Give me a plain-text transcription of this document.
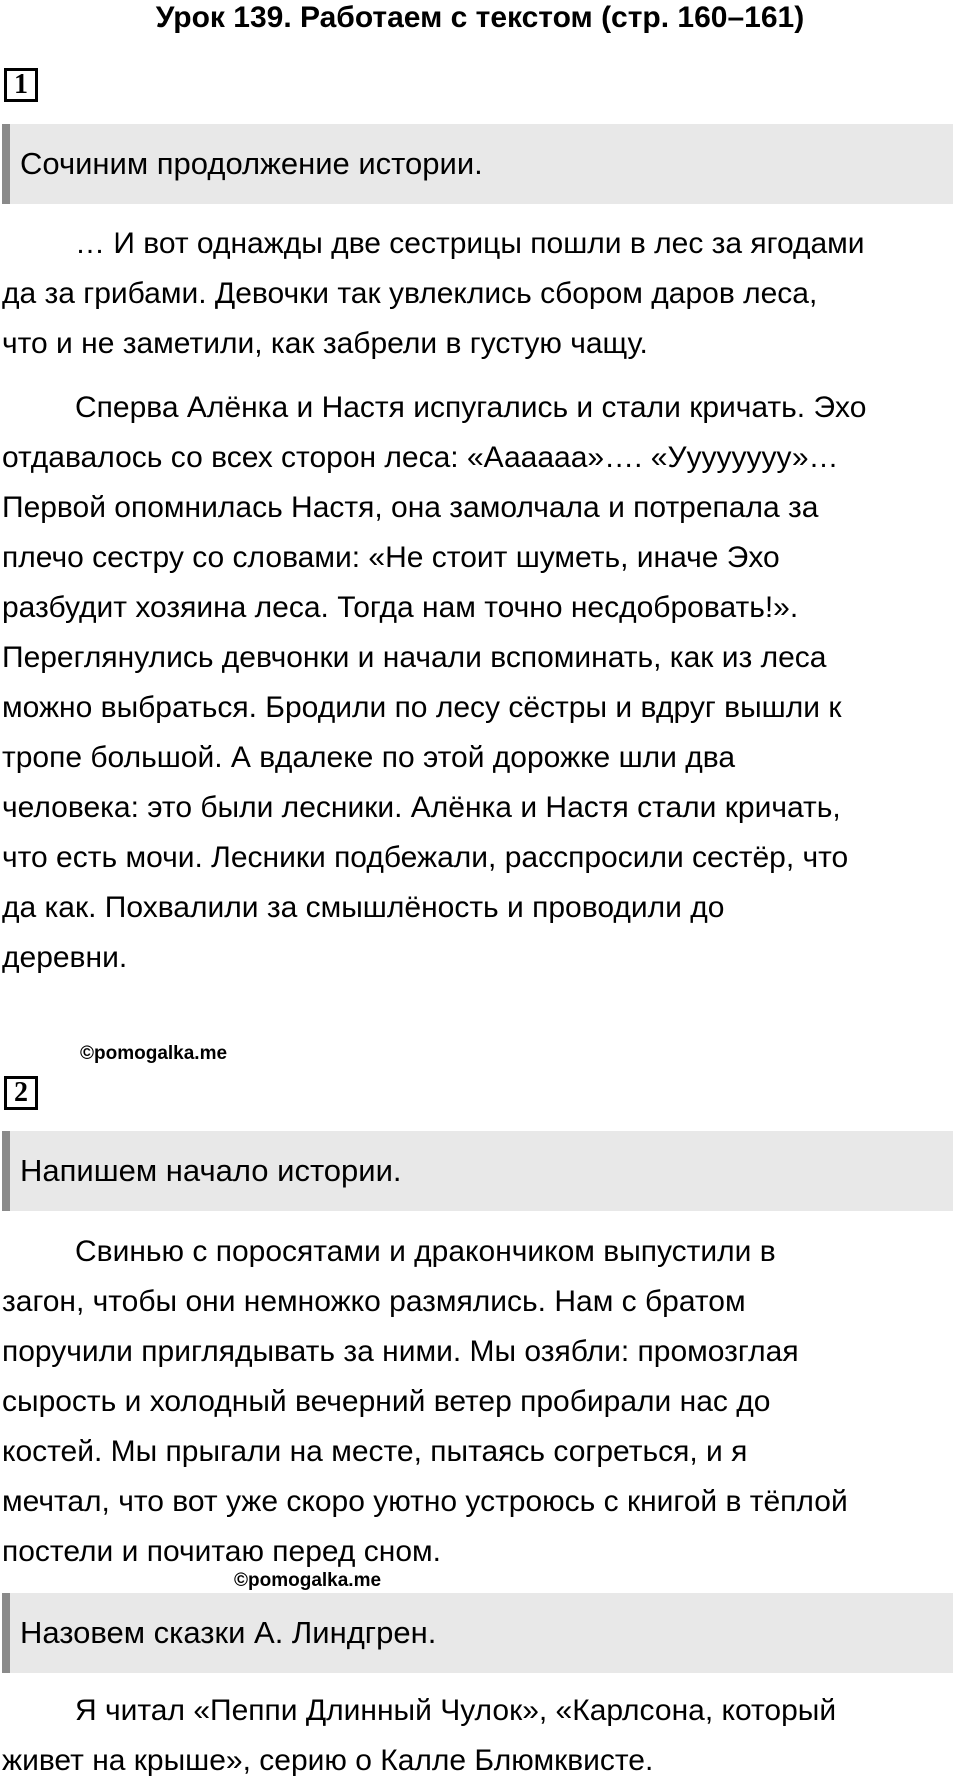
Урок 139. Работаем с текстом (стр. 160–161)
1
Сочиним продолжение истории.
… И вот однажды две сестрицы пошли в лес за ягодами
да за грибами. Девочки так увлеклись сбором даров леса,
что и не заметили, как забрели в густую чащу.
Сперва Алёнка и Настя испугались и стали кричать. Эхо
отдавалось со всех сторон леса: «Аааааа»…. «Уууууууу»…
Первой опомнилась Настя, она замолчала и потрепала за
плечо сестру со словами: «Не стоит шуметь, иначе Эхо
разбудит хозяина леса. Тогда нам точно несдобровать!».
Переглянулись девчонки и начали вспоминать, как из леса
можно выбраться. Бродили по лесу сёстры и вдруг вышли к
тропе большой. А вдалеке по этой дорожке шли два
человека: это были лесники. Алёнка и Настя стали кричать,
что есть мочи. Лесники подбежали, расспросили сестёр, что
да как. Похвалили за смышлёность и проводили до
деревни.
©pomogalka.me
2
Напишем начало истории.
Свинью с поросятами и дракончиком выпустили в
загон, чтобы они немножко размялись. Нам с братом
поручили приглядывать за ними. Мы озябли: промозглая
сырость и холодный вечерний ветер пробирали нас до
костей. Мы прыгали на месте, пытаясь согреться, и я
мечтал, что вот уже скоро уютно устроюсь с книгой в тёплой
постели и почитаю перед сном.
©pomogalka.me
Назовем сказки А. Линдгрен.
Я читал «Пеппи Длинный Чулок», «Карлсона, который
живет на крыше», серию о Калле Блюмквисте.
